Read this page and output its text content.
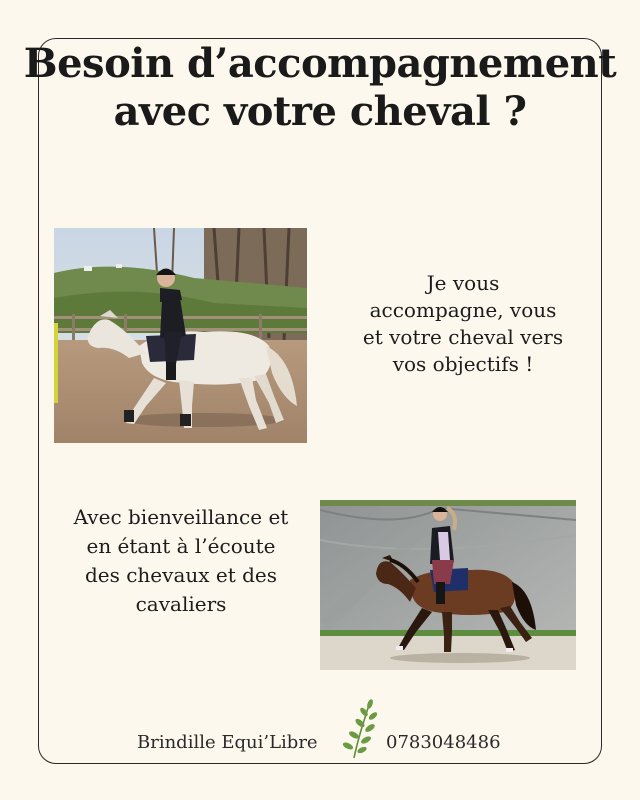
Besoin d’accompagnement
avec votre cheval ?

Je vous
accompagne, vous
et votre cheval vers
vos objectifs !

Avec bienveillance et
en étant à l’écoute
des chevaux et des
cavaliers

Brindille Equi’Libre	0783048486
